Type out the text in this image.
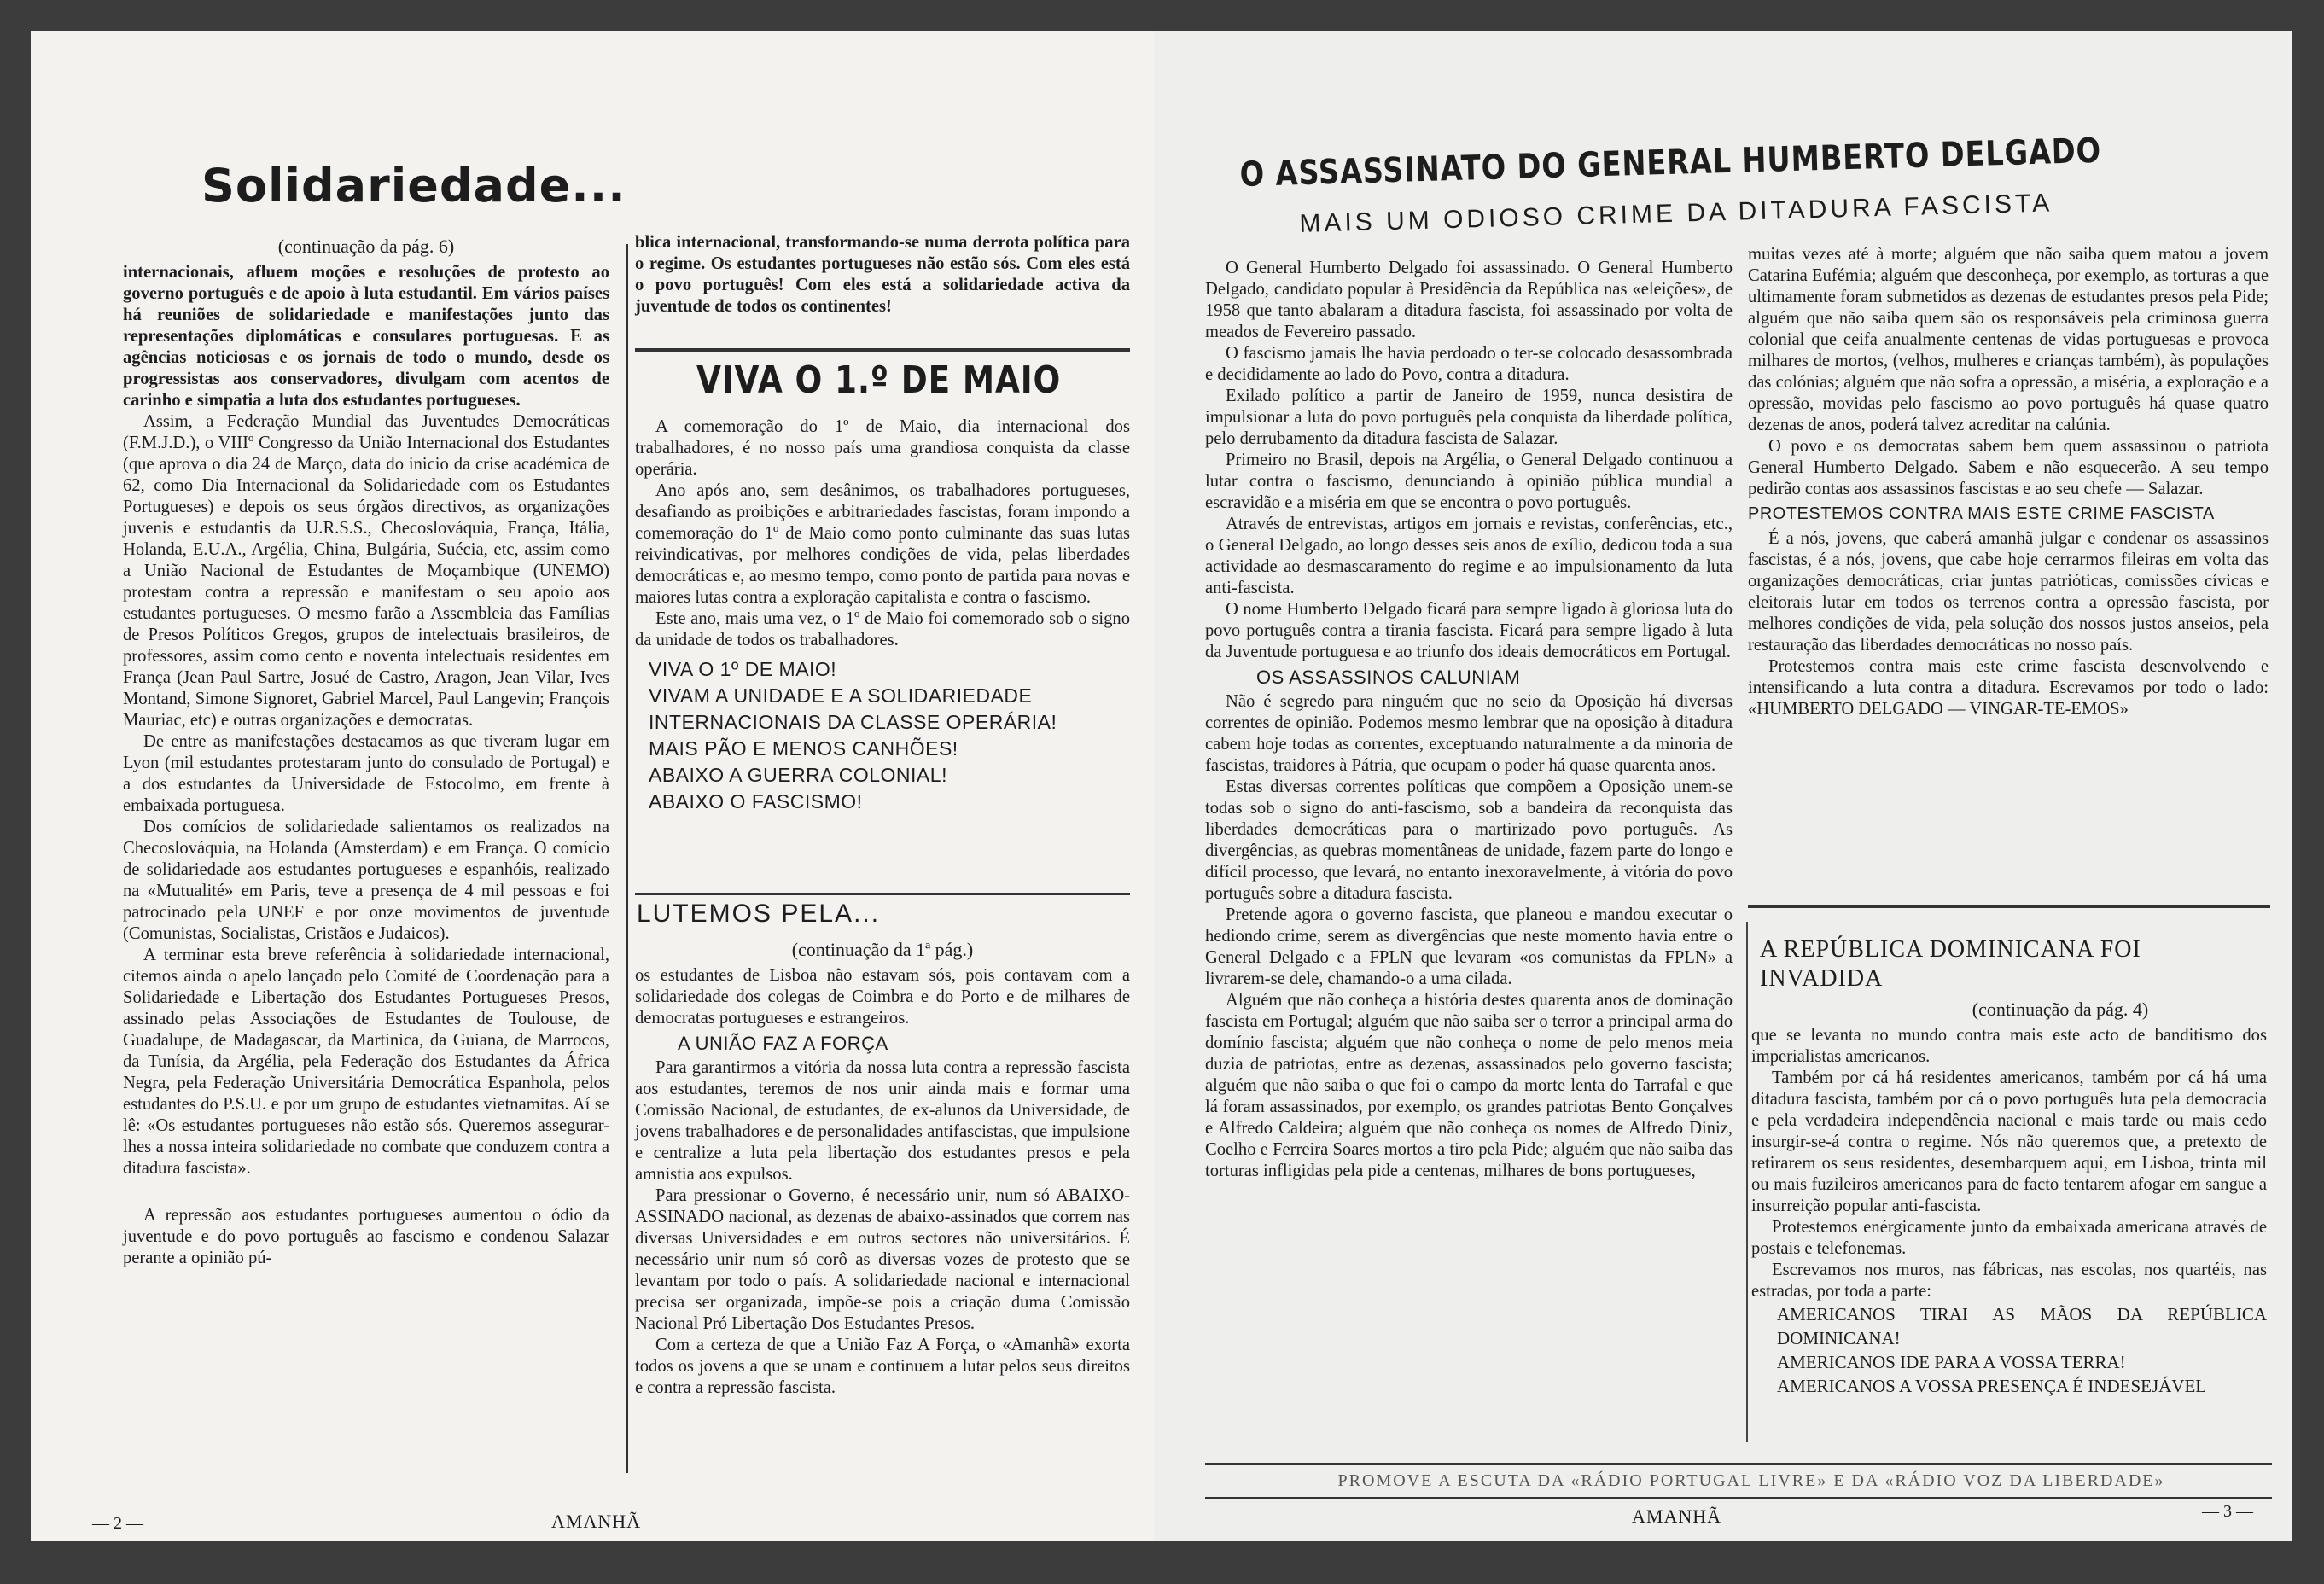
Solidariedade...
(continuação da pág. 6)

internacionais, afluem moções e resoluções de protesto ao governo português e de apoio à luta estudantil. Em vários países há reuniões de solidariedade e manifestações junto das representações diplomáticas e consulares portuguesas. E as agências noticiosas e os jornais de todo o mundo, desde os progressistas aos conservadores, divulgam com acentos de carinho e simpatia a luta dos estudantes portugueses.

Assim, a Federação Mundial das Juventudes Democráticas (F.M.J.D.), o VIIIº Congresso da União Internacional dos Estudantes (que aprova o dia 24 de Março, data do inicio da crise académica de 62, como Dia Internacional da Solidariedade com os Estudantes Portugueses) e depois os seus órgãos directivos, as organizações juvenis e estudantis da U.R.S.S., Checoslováquia, França, Itália, Holanda, E.U.A., Argélia, China, Bulgária, Suécia, etc, assim como a União Nacional de Estudantes de Moçambique (UNEMO) protestam contra a repressão e manifestam o seu apoio aos estudantes portugueses. O mesmo farão a Assembleia das Famílias de Presos Políticos Gregos, grupos de intelectuais brasileiros, de professores, assim como cento e noventa intelectuais residentes em França (Jean Paul Sartre, Josué de Castro, Aragon, Jean Vilar, Ives Montand, Simone Signoret, Gabriel Marcel, Paul Langevin; François Mauriac, etc) e outras organizações e democratas.

De entre as manifestações destacamos as que tiveram lugar em Lyon (mil estudantes protestaram junto do consulado de Portugal) e a dos estudantes da Universidade de Estocolmo, em frente à embaixada portuguesa.

Dos comícios de solidariedade salientamos os realizados na Checoslováquia, na Holanda (Amsterdam) e em França. O comício de solidariedade aos estudantes portugueses e espanhóis, realizado na «Mutualité» em Paris, teve a presença de 4 mil pessoas e foi patrocinado pela UNEF e por onze movimentos de juventude (Comunistas, Socialistas, Cristãos e Judaicos).

A terminar esta breve referência à solidariedade internacional, citemos ainda o apelo lançado pelo Comité de Coordenação para a Solidariedade e Libertação dos Estudantes Portugueses Presos, assinado pelas Associações de Estudantes de Toulouse, de Guadalupe, de Madagascar, da Martinica, da Guiana, de Marrocos, da Tunísia, da Argélia, pela Federação dos Estudantes da África Negra, pela Federação Universitária Democrática Espanhola, pelos estudantes do P.S.U. e por um grupo de estudantes vietnamitas. Aí se lê: «Os estudantes portugueses não estão sós. Queremos assegurar-lhes a nossa inteira solidariedade no combate que conduzem contra a ditadura fascista».

A repressão aos estudantes portugueses aumentou o ódio da juventude e do povo português ao fascismo e condenou Salazar perante a opinião pú-

blica internacional, transformando-se numa derrota política para o regime. Os estudantes portugueses não estão sós. Com eles está o povo português! Com eles está a solidariedade activa da juventude de todos os continentes!

VIVA O 1.º DE MAIO

A comemoração do 1º de Maio, dia internacional dos trabalhadores, é no nosso país uma grandiosa conquista da classe operária.

Ano após ano, sem desânimos, os trabalhadores portugueses, desafiando as proibições e arbitrariedades fascistas, foram impondo a comemoração do 1º de Maio como ponto culminante das suas lutas reivindicativas, por melhores condições de vida, pelas liberdades democráticas e, ao mesmo tempo, como ponto de partida para novas e maiores lutas contra a exploração capitalista e contra o fascismo.

Este ano, mais uma vez, o 1º de Maio foi comemorado sob o signo da unidade de todos os trabalhadores.

VIVA O 1º DE MAIO!
VIVAM A UNIDADE E A SOLIDARIEDADE INTERNACIONAIS DA CLASSE OPERÁRIA!
MAIS PÃO E MENOS CANHÕES!
ABAIXO A GUERRA COLONIAL!
ABAIXO O FASCISMO!
LUTEMOS PELA...
(continuação da 1ª pág.)

os estudantes de Lisboa não estavam sós, pois contavam com a solidariedade dos colegas de Coimbra e do Porto e de milhares de democratas portugueses e estrangeiros.

A UNIÃO FAZ A FORÇA

Para garantirmos a vitória da nossa luta contra a repressão fascista aos estudantes, teremos de nos unir ainda mais e formar uma Comissão Nacional, de estudantes, de ex-alunos da Universidade, de jovens trabalhadores e de personalidades antifascistas, que impulsione e centralize a luta pela libertação dos estudantes presos e pela amnistia aos expulsos.

Para pressionar o Governo, é necessário unir, num só ABAIXO-ASSINADO nacional, as dezenas de abaixo-assinados que correm nas diversas Universidades e em outros sectores não universitários. É necessário unir num só corô as diversas vozes de protesto que se levantam por todo o país. A solidariedade nacional e internacional precisa ser organizada, impõe-se pois a criação duma Comissão Nacional Pró Libertação Dos Estudantes Presos.

Com a certeza de que a União Faz A Força, o «Amanhã» exorta todos os jovens a que se unam e continuem a lutar pelos seus direitos e contra a repressão fascista.

— 2 —	AMANHÃ
O ASSASSINATO DO GENERAL HUMBERTO DELGADO
MAIS UM ODIOSO CRIME DA DITADURA FASCISTA

O General Humberto Delgado foi assassinado. O General Humberto Delgado, candidato popular à Presidência da República nas «eleições», de 1958 que tanto abalaram a ditadura fascista, foi assassinado por volta de meados de Fevereiro passado.

O fascismo jamais lhe havia perdoado o ter-se colocado desassombrada e decididamente ao lado do Povo, contra a ditadura.

Exilado político a partir de Janeiro de 1959, nunca desistira de impulsionar a luta do povo português pela conquista da liberdade política, pelo derrubamento da ditadura fascista de Salazar.

Primeiro no Brasil, depois na Argélia, o General Delgado continuou a lutar contra o fascismo, denunciando à opinião pública mundial a escravidão e a miséria em que se encontra o povo português.

Através de entrevistas, artigos em jornais e revistas, conferências, etc., o General Delgado, ao longo desses seis anos de exílio, dedicou toda a sua actividade ao desmascaramento do regime e ao impulsionamento da luta anti-fascista.

O nome Humberto Delgado ficará para sempre ligado à gloriosa luta do povo português contra a tirania fascista. Ficará para sempre ligado à luta da Juventude portuguesa e ao triunfo dos ideais democráticos em Portugal.

OS ASSASSINOS CALUNIAM

Não é segredo para ninguém que no seio da Oposição há diversas correntes de opinião. Podemos mesmo lembrar que na oposição à ditadura cabem hoje todas as correntes, exceptuando naturalmente a da minoria de fascistas, traidores à Pátria, que ocupam o poder há quase quarenta anos.

Estas diversas correntes políticas que compõem a Oposição unem-se todas sob o signo do anti-fascismo, sob a bandeira da reconquista das liberdades democráticas para o martirizado povo português. As divergências, as quebras momentâneas de unidade, fazem parte do longo e difícil processo, que levará, no entanto inexoravelmente, à vitória do povo português sobre a ditadura fascista.

Pretende agora o governo fascista, que planeou e mandou executar o hediondo crime, serem as divergências que neste momento havia entre o General Delgado e a FPLN que levaram «os comunistas da FPLN» a livrarem-se dele, chamando-o a uma cilada.

Alguém que não conheça a história destes quarenta anos de dominação fascista em Portugal; alguém que não saiba ser o terror a principal arma do domínio fascista; alguém que não conheça o nome de pelo menos meia duzia de patriotas, entre as dezenas, assassinados pelo governo fascista; alguém que não saiba o que foi o campo da morte lenta do Tarrafal e que lá foram assassinados, por exemplo, os grandes patriotas Bento Gonçalves e Alfredo Caldeira; alguém que não conheça os nomes de Alfredo Diniz, Coelho e Ferreira Soares mortos a tiro pela Pide; alguém que não saiba das torturas infligidas pela pide a centenas, milhares de bons portugueses,

muitas vezes até à morte; alguém que não saiba quem matou a jovem Catarina Eufémia; alguém que desconheça, por exemplo, as torturas a que ultimamente foram submetidos as dezenas de estudantes presos pela Pide; alguém que não saiba quem são os responsáveis pela criminosa guerra colonial que ceifa anualmente centenas de vidas portuguesas e provoca milhares de mortos, (velhos, mulheres e crianças também), às populações das colónias; alguém que não sofra a opressão, a miséria, a exploração e a opressão, movidas pelo fascismo ao povo português há quase quatro dezenas de anos, poderá talvez acreditar na calúnia.

O povo e os democratas sabem bem quem assassinou o patriota General Humberto Delgado. Sabem e não esquecerão. A seu tempo pedirão contas aos assassinos fascistas e ao seu chefe — Salazar.

PROTESTEMOS CONTRA MAIS ESTE CRIME FASCISTA

É a nós, jovens, que caberá amanhã julgar e condenar os assassinos fascistas, é a nós, jovens, que cabe hoje cerrarmos fileiras em volta das organizações democráticas, criar juntas patrióticas, comissões cívicas e eleitorais lutar em todos os terrenos contra a opressão fascista, por melhores condições de vida, pela solução dos nossos justos anseios, pela restauração das liberdades democráticas no nosso país.

Protestemos contra mais este crime fascista desenvolvendo e intensificando a luta contra a ditadura. Escrevamos por todo o lado: «HUMBERTO DELGADO — VINGAR-TE-EMOS»

A REPÚBLICA DOMINICANA FOI INVADIDA
(continuação da pág. 4)

que se levanta no mundo contra mais este acto de banditismo dos imperialistas americanos.

Também por cá há residentes americanos, também por cá há uma ditadura fascista, também por cá o povo português luta pela democracia e pela verdadeira independência nacional e mais tarde ou mais cedo insurgir-se-á contra o regime. Nós não queremos que, a pretexto de retirarem os seus residentes, desembarquem aqui, em Lisboa, trinta mil ou mais fuzileiros americanos para de facto tentarem afogar em sangue a insurreição popular anti-fascista.

Protestemos enérgicamente junto da embaixada americana através de postais e telefonemas.

Escrevamos nos muros, nas fábricas, nas escolas, nos quartéis, nas estradas, por toda a parte:

AMERICANOS TIRAI AS MÃOS DA REPÚBLICA DOMINICANA!
AMERICANOS IDE PARA A VOSSA TERRA!
AMERICANOS A VOSSA PRESENÇA É INDESEJÁVEL
PROMOVE A ESCUTA DA «RÁDIO PORTUGAL LIVRE» E DA «RÁDIO VOZ DA LIBERDADE»
AMANHÃ	— 3 —
